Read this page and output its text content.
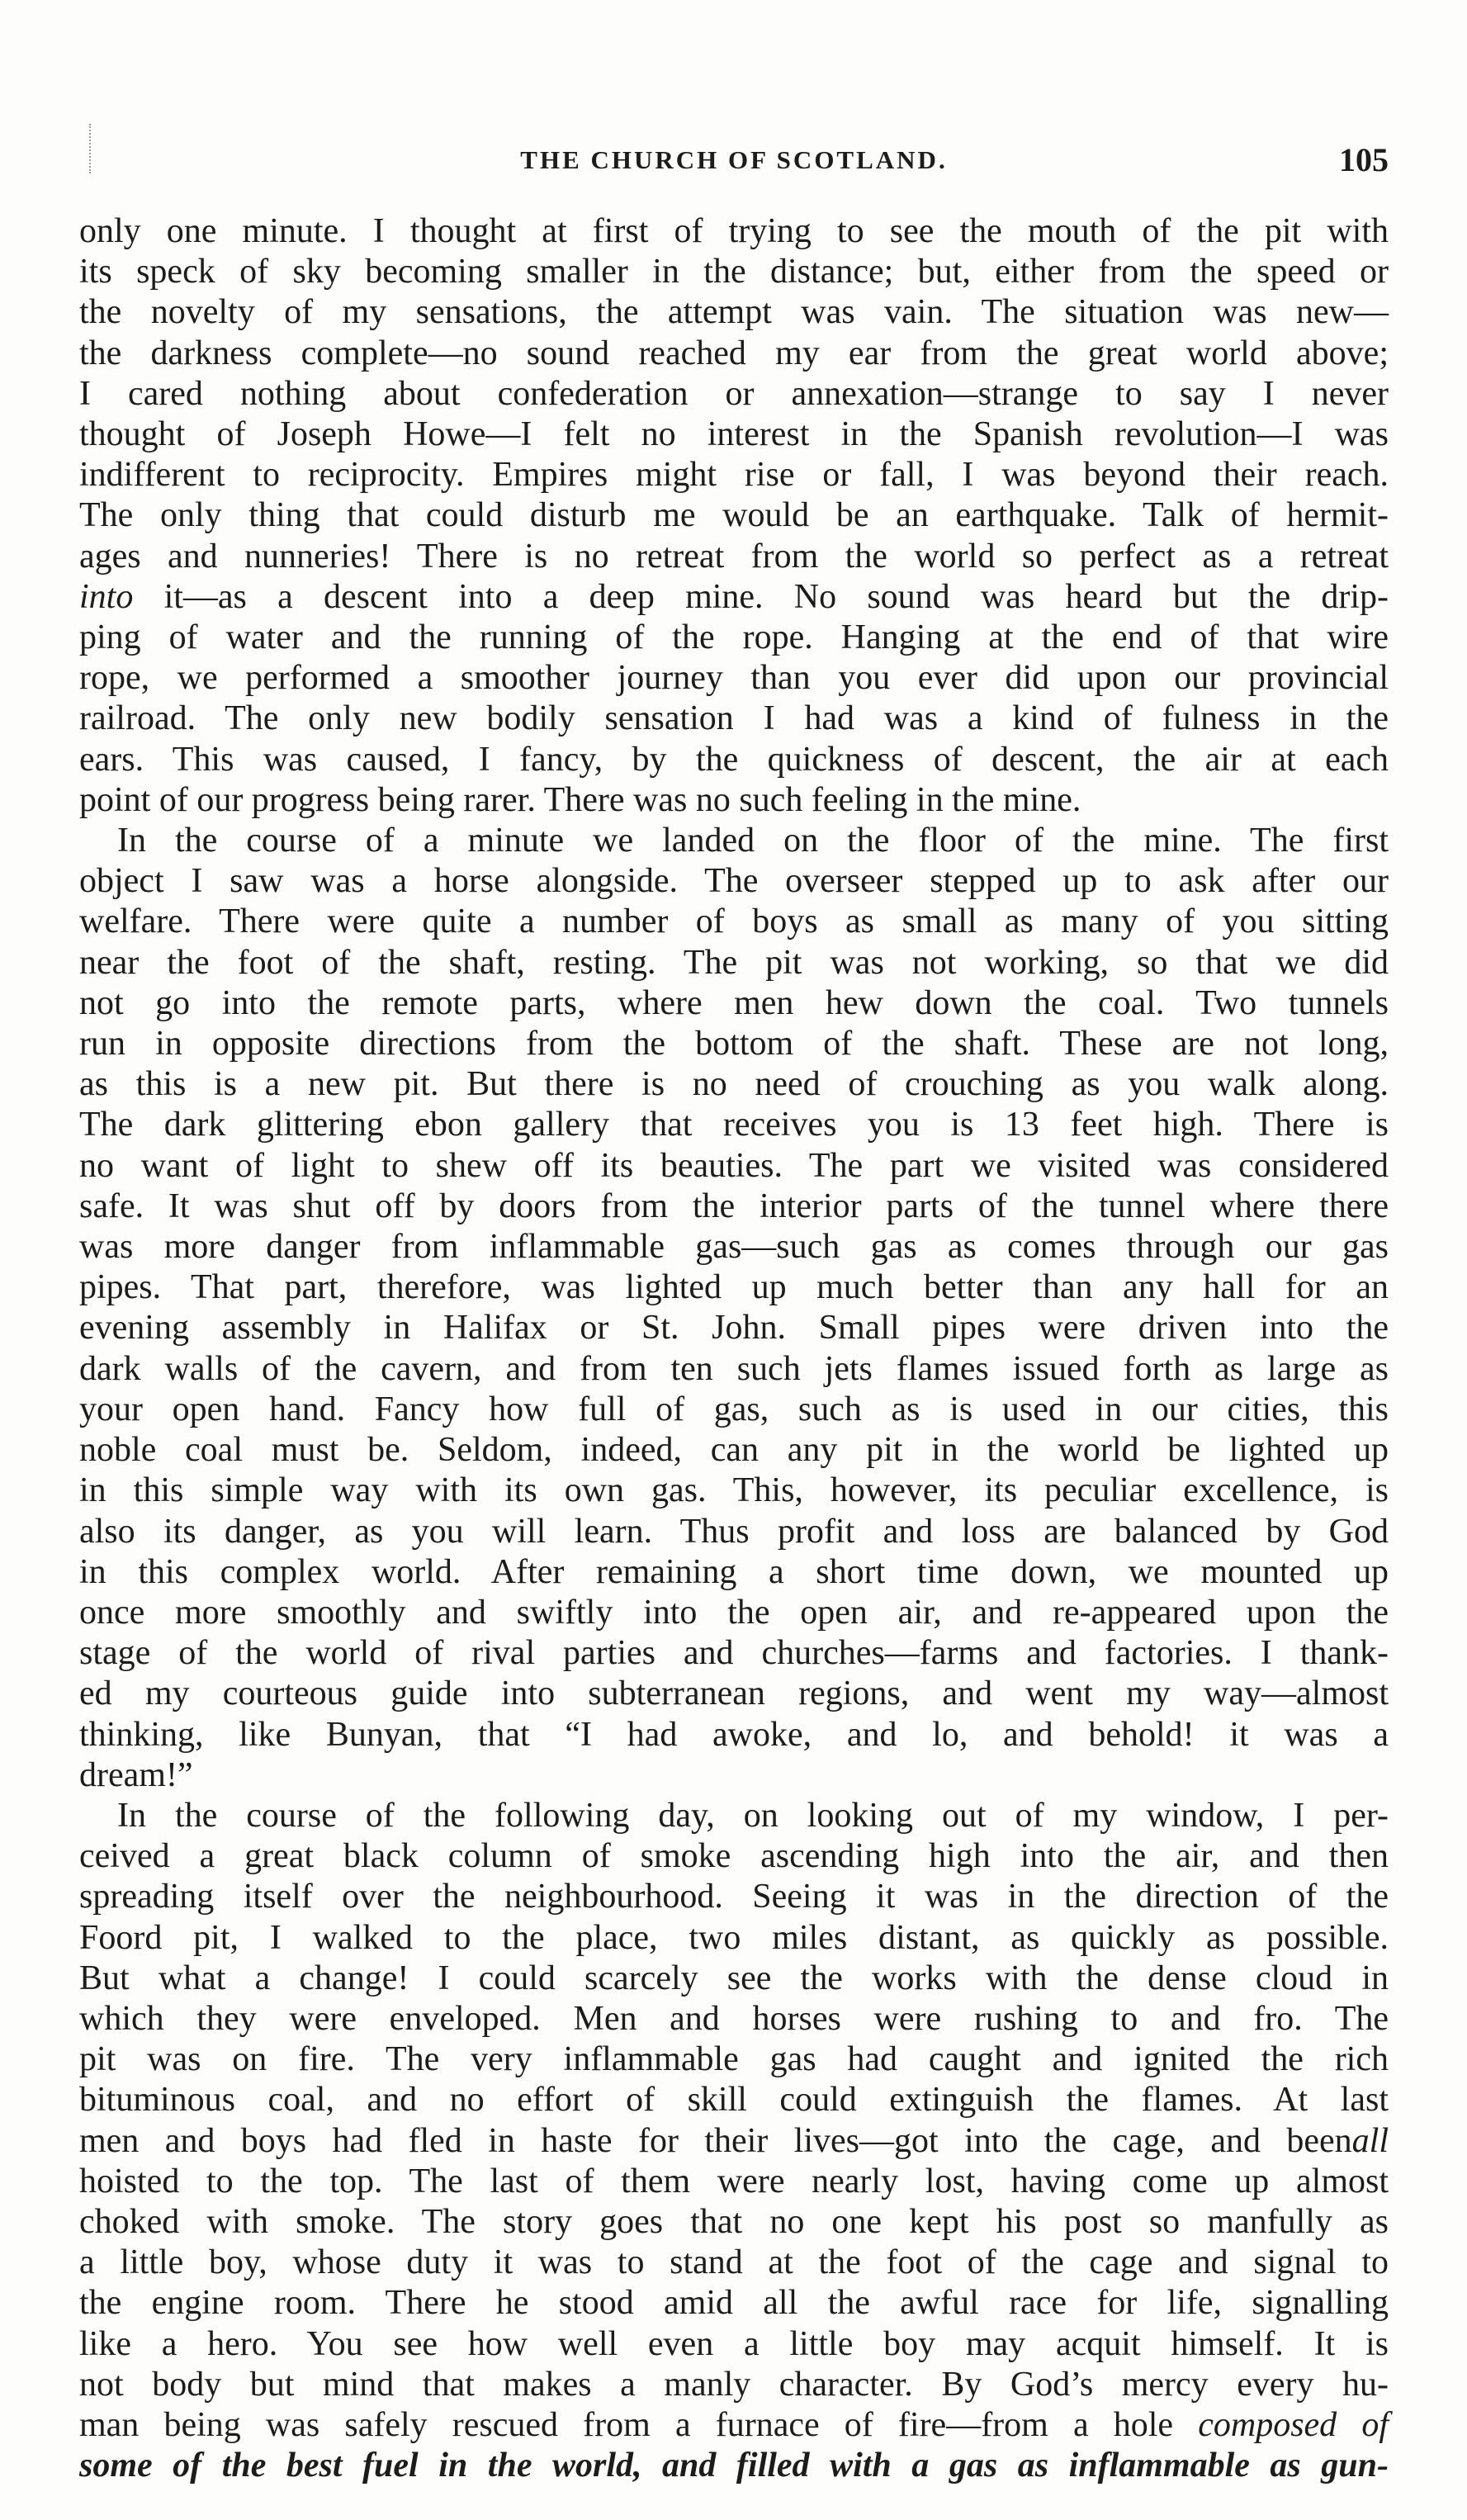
THE CHURCH OF SCOTLAND.	105

only one minute. I thought at first of trying to see the mouth of the pit with
its speck of sky becoming smaller in the distance; but, either from the speed or
the novelty of my sensations, the attempt was vain. The situation was new—
the darkness complete—no sound reached my ear from the great world above;
I cared nothing about confederation or annexation—strange to say I never
thought of Joseph Howe—I felt no interest in the Spanish revolution—I was
indifferent to reciprocity. Empires might rise or fall, I was beyond their reach.
The only thing that could disturb me would be an earthquake. Talk of hermit-
ages and nunneries! There is no retreat from the world so perfect as a retreat
into it—as a descent into a deep mine. No sound was heard but the drip-
ping of water and the running of the rope. Hanging at the end of that wire
rope, we performed a smoother journey than you ever did upon our provincial
railroad. The only new bodily sensation I had was a kind of fulness in the
ears. This was caused, I fancy, by the quickness of descent, the air at each
point of our progress being rarer. There was no such feeling in the mine.

In the course of a minute we landed on the floor of the mine. The first
object I saw was a horse alongside. The overseer stepped up to ask after our
welfare. There were quite a number of boys as small as many of you sitting
near the foot of the shaft, resting. The pit was not working, so that we did
not go into the remote parts, where men hew down the coal. Two tunnels
run in opposite directions from the bottom of the shaft. These are not long,
as this is a new pit. But there is no need of crouching as you walk along.
The dark glittering ebon gallery that receives you is 13 feet high. There is
no want of light to shew off its beauties. The part we visited was considered
safe. It was shut off by doors from the interior parts of the tunnel where there
was more danger from inflammable gas—such gas as comes through our gas
pipes. That part, therefore, was lighted up much better than any hall for an
evening assembly in Halifax or St. John. Small pipes were driven into the
dark walls of the cavern, and from ten such jets flames issued forth as large as
your open hand. Fancy how full of gas, such as is used in our cities, this
noble coal must be. Seldom, indeed, can any pit in the world be lighted up
in this simple way with its own gas. This, however, its peculiar excellence, is
also its danger, as you will learn. Thus profit and loss are balanced by God
in this complex world. After remaining a short time down, we mounted up
once more smoothly and swiftly into the open air, and re-appeared upon the
stage of the world of rival parties and churches—farms and factories. I thank-
ed my courteous guide into subterranean regions, and went my way—almost
thinking, like Bunyan, that “I had awoke, and lo, and behold! it was a
dream!”

In the course of the following day, on looking out of my window, I per-
ceived a great black column of smoke ascending high into the air, and then
spreading itself over the neighbourhood. Seeing it was in the direction of the
Foord pit, I walked to the place, two miles distant, as quickly as possible.
But what a change! I could scarcely see the works with the dense cloud in
which they were enveloped. Men and horses were rushing to and fro. The
pit was on fire. The very inflammable gas had caught and ignited the rich
bituminous coal, and no effort of skill could extinguish the flames. At last
men and boys had fled in haste for their lives—got into the cage, and beenall
hoisted to the top. The last of them were nearly lost, having come up almost
choked with smoke. The story goes that no one kept his post so manfully as
a little boy, whose duty it was to stand at the foot of the cage and signal to
the engine room. There he stood amid all the awful race for life, signalling
like a hero. You see how well even a little boy may acquit himself. It is
not body but mind that makes a manly character. By God’s mercy every hu-
man being was safely rescued from a furnace of fire—from a hole composed of
some of the best fuel in the world, and filled with a gas as inflammable as gun-
